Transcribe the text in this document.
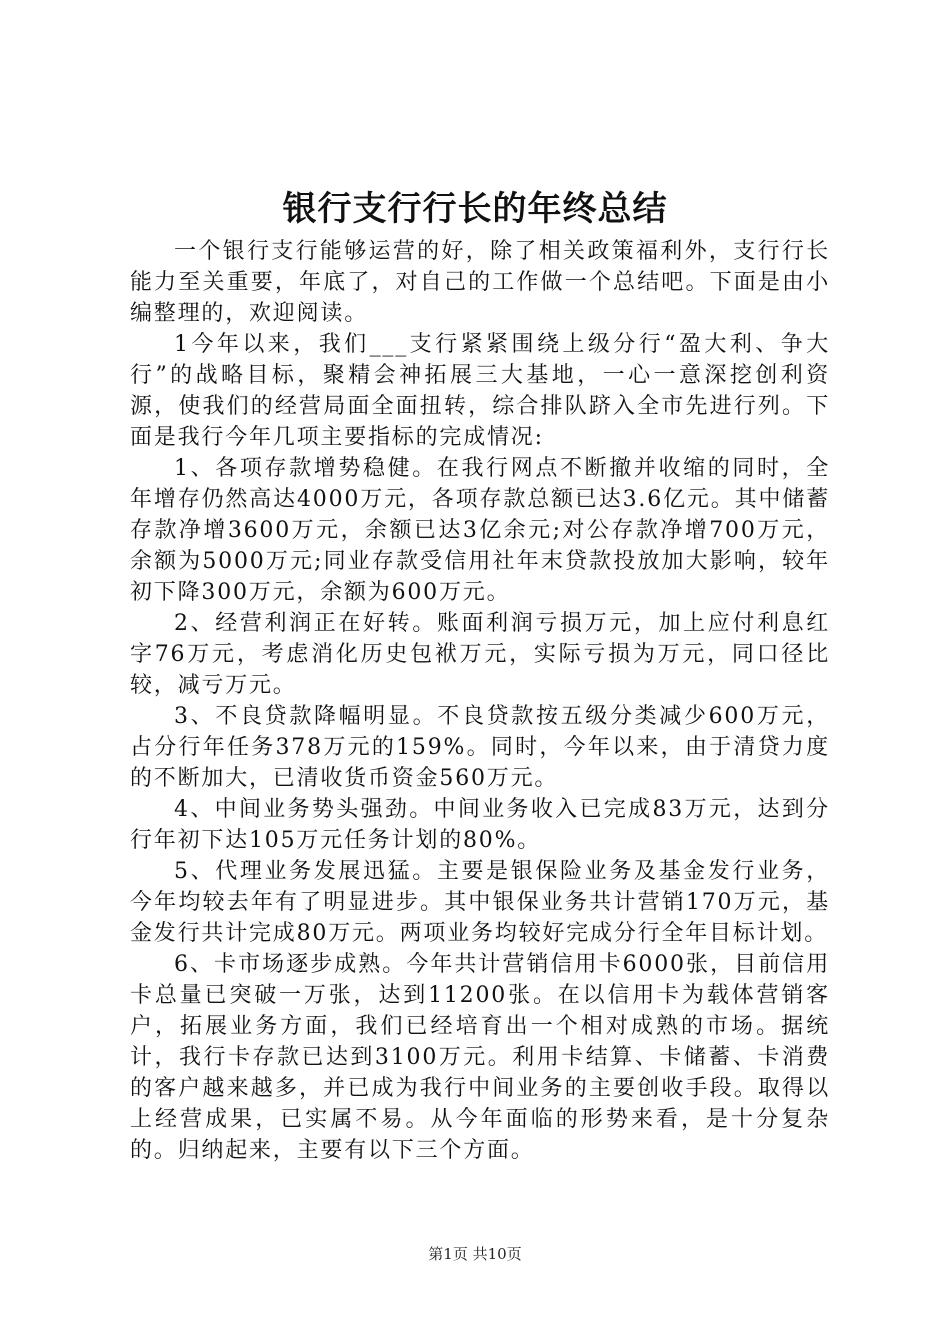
银行支行行长的年终总结

一个银行支行能够运营的好，除了相关政策福利外，支行行长能力至关重要，年底了，对自己的工作做一个总结吧。下面是由小编整理的，欢迎阅读。

1今年以来，我们___支行紧紧围绕上级分行“盈大利、争大行”的战略目标，聚精会神拓展三大基地，一心一意深挖创利资源，使我们的经营局面全面扭转，综合排队跻入全市先进行列。下面是我行今年几项主要指标的完成情况:

1、各项存款增势稳健。在我行网点不断撤并收缩的同时，全年增存仍然高达4000万元，各项存款总额已达3.6亿元。其中储蓄存款净增3600万元，余额已达3亿余元;对公存款净增700万元，余额为5000万元;同业存款受信用社年末贷款投放加大影响，较年初下降300万元，余额为600万元。

2、经营利润正在好转。账面利润亏损万元，加上应付利息红字76万元，考虑消化历史包袱万元，实际亏损为万元，同口径比较，减亏万元。

3、不良贷款降幅明显。不良贷款按五级分类减少600万元，占分行年任务378万元的159%。同时，今年以来，由于清贷力度的不断加大，已清收货币资金560万元。

4、中间业务势头强劲。中间业务收入已完成83万元，达到分行年初下达105万元任务计划的80%。

5、代理业务发展迅猛。主要是银保险业务及基金发行业务，今年均较去年有了明显进步。其中银保业务共计营销170万元，基金发行共计完成80万元。两项业务均较好完成分行全年目标计划。

6、卡市场逐步成熟。今年共计营销信用卡6000张，目前信用卡总量已突破一万张，达到11200张。在以信用卡为载体营销客户，拓展业务方面，我们已经培育出一个相对成熟的市场。据统计，我行卡存款已达到3100万元。利用卡结算、卡储蓄、卡消费的客户越来越多，并已成为我行中间业务的主要创收手段。取得以上经营成果，已实属不易。从今年面临的形势来看，是十分复杂的。归纳起来，主要有以下三个方面。

第1页 共10页
